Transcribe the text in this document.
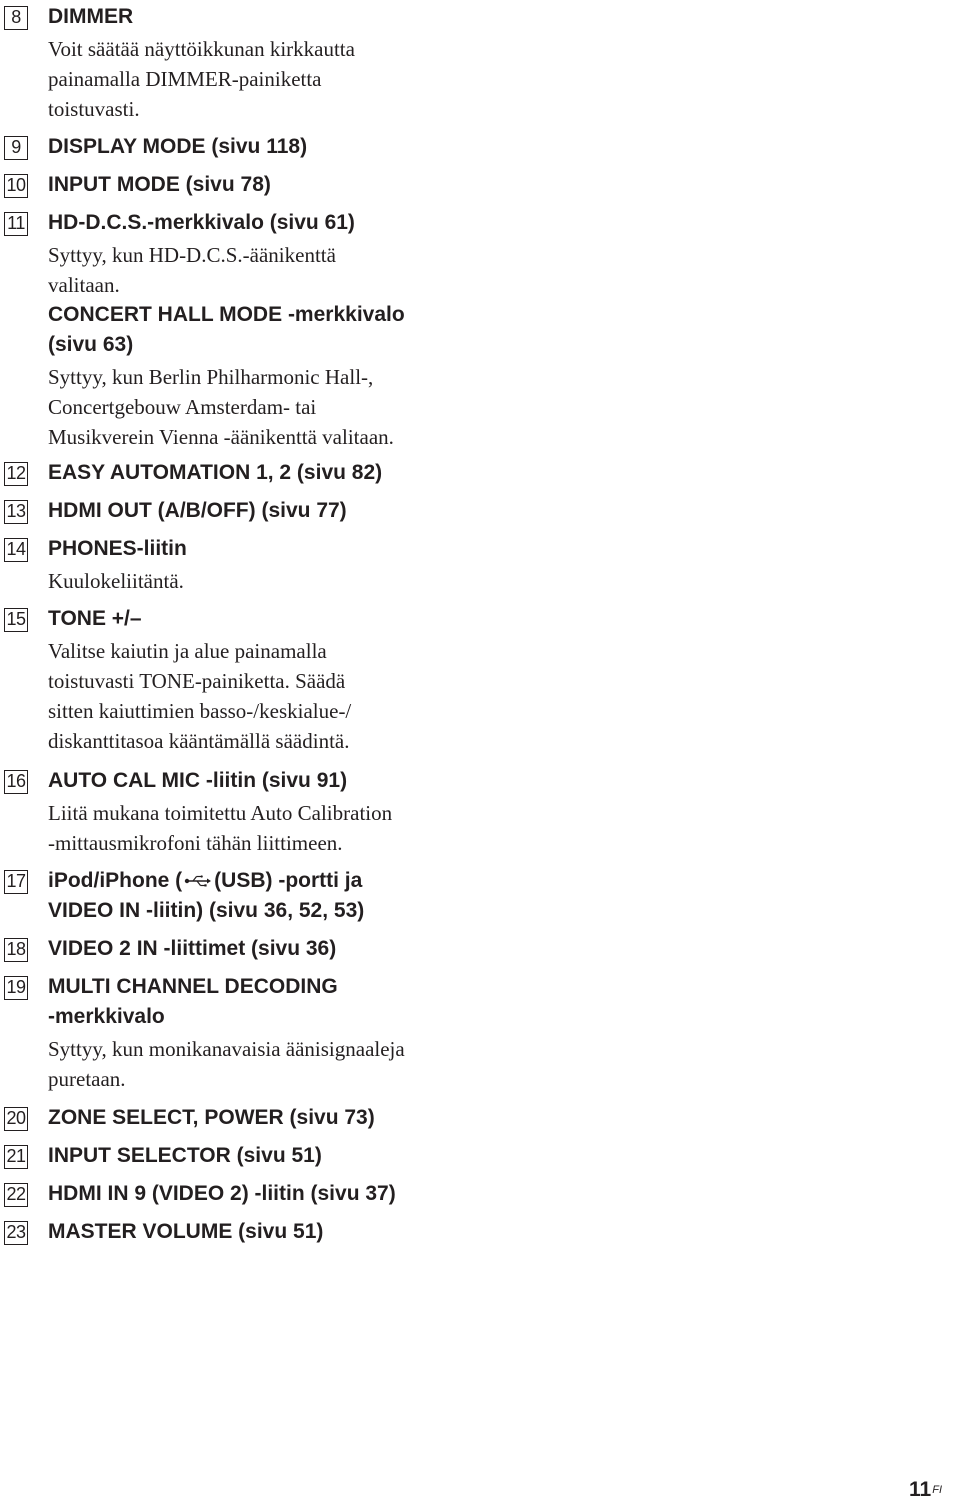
8	DIMMER
Voit säätää näyttöikkunan kirkkautta
painamalla DIMMER-painiketta
toistuvasti.
9	DISPLAY MODE (sivu 118)
10 INPUT MODE (sivu 78)
11 HD-D.C.S.-merkkivalo (sivu 61)
Syttyy, kun HD-D.C.S.-äänikenttä
valitaan.
CONCERT HALL MODE -merkkivalo
(sivu 63)
Syttyy, kun Berlin Philharmonic Hall-,
Concertgebouw Amsterdam- tai
Musikverein Vienna -äänikenttä valitaan.
12 EASY AUTOMATION 1, 2 (sivu 82)
13 HDMI OUT (A/B/OFF) (sivu 77)
14 PHONES-liitin
Kuulokeliitäntä.
15 TONE +/–
Valitse kaiutin ja alue painamalla
toistuvasti TONE-painiketta. Säädä
sitten kaiuttimien basso-/keskialue-/
diskanttitasoa kääntämällä säädintä.
16 AUTO CAL MIC -liitin (sivu 91)
Liitä mukana toimitettu Auto Calibration
-mittausmikrofoni tähän liittimeen.
17 iPod/iPhone ( (USB) -portti ja
VIDEO IN -liitin) (sivu 36, 52, 53)
18 VIDEO 2 IN -liittimet (sivu 36)
19 MULTI CHANNEL DECODING
-merkkivalo
Syttyy, kun monikanavaisia äänisignaaleja
puretaan.
20 ZONE SELECT, POWER (sivu 73)
21 INPUT SELECTOR (sivu 51)
22 HDMI IN 9 (VIDEO 2) -liitin (sivu 37)
23 MASTER VOLUME (sivu 51)
$11^{FI}$
